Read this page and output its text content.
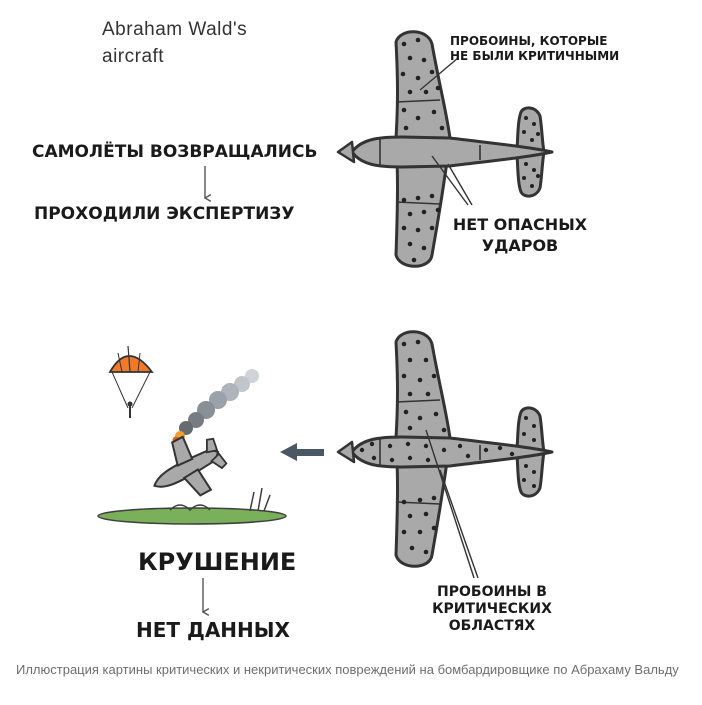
Abraham Wald's
aircraft
САМОЛЁТЫ ВОЗВРАЩАЛИСЬ
ПРОХОДИЛИ ЭКСПЕРТИЗУ
ПРОБОИНЫ, КОТОРЫЕ
НЕ БЫЛИ КРИТИЧНЫМИ
НЕТ ОПАСНЫХ
УДАРОВ
КРУШЕНИЕ
НЕТ ДАННЫХ
ПРОБОИНЫ В
КРИТИЧЕСКИХ
ОБЛАСТЯХ
Иллюстрация картины критических и некритических повреждений на бомбардировщике по Абрахаму Вальду
